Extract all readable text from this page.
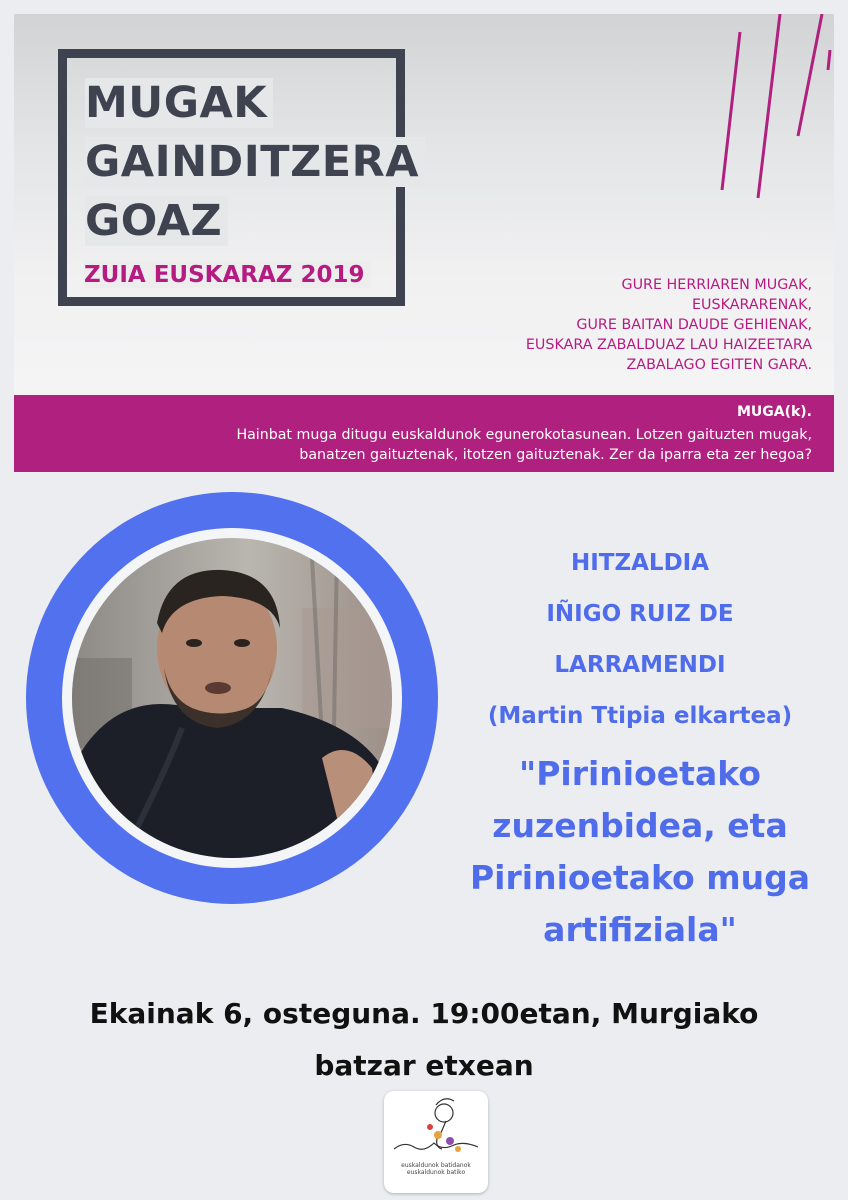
MUGAK
GAINDITZERA
GOAZ
ZUIA EUSKARAZ 2019	GURE HERRIAREN MUGAK,
EUSKARARENAK,
GURE BAITAN DAUDE GEHIENAK,
EUSKARA ZABALDUAZ LAU HAIZEETARA
ZABALAGO EGITEN GARA.
MUGA(k).
Hainbat muga ditugu euskaldunok egunerokotasunean. Lotzen gaituzten mugak,
banatzen gaituztenak, itotzen gaituztenak. Zer da iparra eta zer hegoa?
HITZALDIA
IÑIGO RUIZ DE
LARRAMENDI
(Martin Ttipia elkartea)
"Pirinioetako
zuzenbidea, eta
Pirinioetako muga
artifiziala"
Ekainak 6, osteguna. 19:00etan, Murgiako
batzar etxean
euskaldunok batidanok
euskaldunok batiko
